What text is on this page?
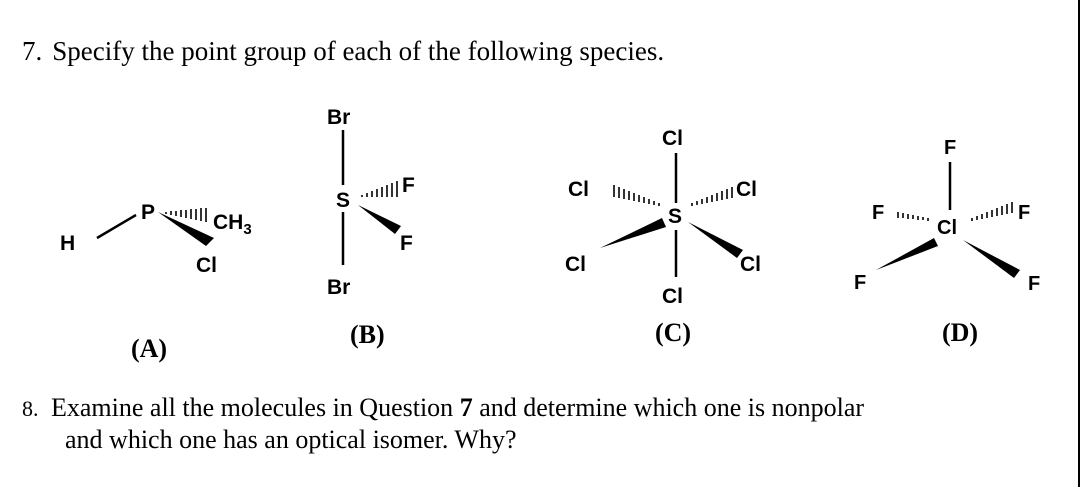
7. Specify the point group of each of the following species.
H
P	$CH_3$
Cl
Br
S
F
F
Br
Cl
Cl	Cl
S
Cl	Cl
Cl
F
F
Cl
F
F	F
(A)	(B)	(C)	(D)
8. Examine all the molecules in Question 7 and determine which one is nonpolar
and which one has an optical isomer. Why?
